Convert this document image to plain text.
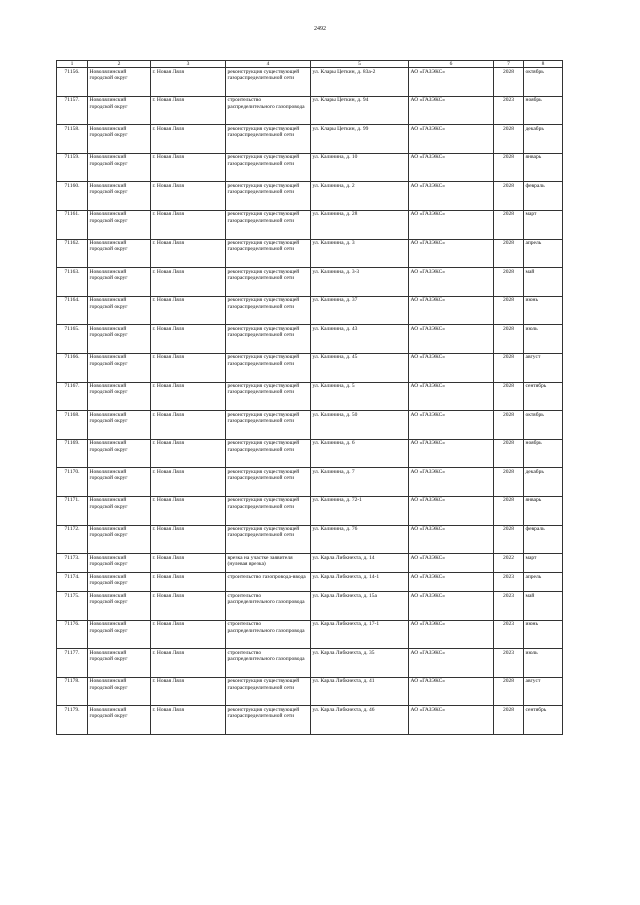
2492
1	2	3	4	5	6	7	8
71156.	Новолялинский городской округ	г. Новая Ляля	реконструкция существующей газораспределительной сети	ул. Клары Цеткин, д. 83а-2	АО «ГАЗЭКС»	2028	октябрь
71157.	Новолялинский городской округ	г. Новая Ляля	строительство распределительного газопровода	ул. Клары Цеткин, д. 94	АО «ГАЗЭКС»	2023	ноябрь
71158.	Новолялинский городской округ	г. Новая Ляля	реконструкция существующей газораспределительной сети	ул. Клары Цеткин, д. 99	АО «ГАЗЭКС»	2028	декабрь
71159.	Новолялинский городской округ	г. Новая Ляля	реконструкция существующей газораспределительной сети	ул. Калинина, д. 10	АО «ГАЗЭКС»	2028	январь
71160.	Новолялинский городской округ	г. Новая Ляля	реконструкция существующей газораспределительной сети	ул. Калинина, д. 2	АО «ГАЗЭКС»	2028	февраль
71161.	Новолялинский городской округ	г. Новая Ляля	реконструкция существующей газораспределительной сети	ул. Калинина, д. 28	АО «ГАЗЭКС»	2028	март
71162.	Новолялинский городской округ	г. Новая Ляля	реконструкция существующей газораспределительной сети	ул. Калинина, д. 3	АО «ГАЗЭКС»	2028	апрель
71163.	Новолялинский городской округ	г. Новая Ляля	реконструкция существующей газораспределительной сети	ул. Калинина, д. 3-3	АО «ГАЗЭКС»	2028	май
71164.	Новолялинский городской округ	г. Новая Ляля	реконструкция существующей газораспределительной сети	ул. Калинина, д. 37	АО «ГАЗЭКС»	2028	июнь
71165.	Новолялинский городской округ	г. Новая Ляля	реконструкция существующей газораспределительной сети	ул. Калинина, д. 43	АО «ГАЗЭКС»	2028	июль
71166.	Новолялинский городской округ	г. Новая Ляля	реконструкция существующей газораспределительной сети	ул. Калинина, д. 45	АО «ГАЗЭКС»	2028	август
71167.	Новолялинский городской округ	г. Новая Ляля	реконструкция существующей газораспределительной сети	ул. Калинина, д. 5	АО «ГАЗЭКС»	2028	сентябрь
71168.	Новолялинский городской округ	г. Новая Ляля	реконструкция существующей газораспределительной сети	ул. Калинина, д. 50	АО «ГАЗЭКС»	2028	октябрь
71169.	Новолялинский городской округ	г. Новая Ляля	реконструкция существующей газораспределительной сети	ул. Калинина, д. 6	АО «ГАЗЭКС»	2028	ноябрь
71170.	Новолялинский городской округ	г. Новая Ляля	реконструкция существующей газораспределительной сети	ул. Калинина, д. 7	АО «ГАЗЭКС»	2028	декабрь
71171.	Новолялинский городской округ	г. Новая Ляля	реконструкция существующей газораспределительной сети	ул. Калинина, д. 72-1	АО «ГАЗЭКС»	2028	январь
71172.	Новолялинский городской округ	г. Новая Ляля	реконструкция существующей газораспределительной сети	ул. Калинина, д. 76	АО «ГАЗЭКС»	2028	февраль
71173.	Новолялинский городской округ	г. Новая Ляля	врезка на участке заявителя (нулевая врезка)	ул. Карла Либкнехта, д. 14	АО «ГАЗЭКС»	2022	март
71174.	Новолялинский городской округ	г. Новая Ляля	строительство газопровода-ввода	ул. Карла Либкнехта, д. 14-1	АО «ГАЗЭКС»	2023	апрель
71175.	Новолялинский городской округ	г. Новая Ляля	строительство распределительного газопровода	ул. Карла Либкнехта, д. 15а	АО «ГАЗЭКС»	2023	май
71176.	Новолялинский городской округ	г. Новая Ляля	строительство распределительного газопровода	ул. Карла Либкнехта, д. 17-1	АО «ГАЗЭКС»	2023	июнь
71177.	Новолялинский городской округ	г. Новая Ляля	строительство распределительного газопровода	ул. Карла Либкнехта, д. 35	АО «ГАЗЭКС»	2023	июль
71178.	Новолялинский городской округ	г. Новая Ляля	реконструкция существующей газораспределительной сети	ул. Карла Либкнехта, д. 41	АО «ГАЗЭКС»	2028	август
71179.	Новолялинский городской округ	г. Новая Ляля	реконструкция существующей газораспределительной сети	ул. Карла Либкнехта, д. 46	АО «ГАЗЭКС»	2028	сентябрь
